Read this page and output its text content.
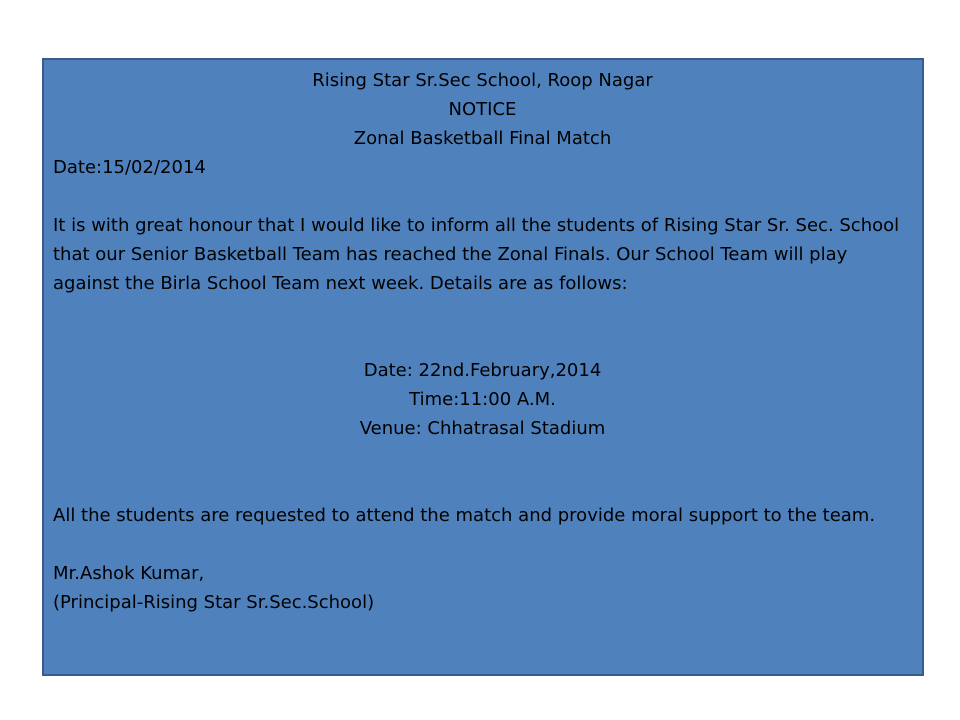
Rising Star Sr.Sec School, Roop Nagar
NOTICE
Zonal Basketball Final Match
Date:15/02/2014
It is with great honour that I would like to inform all the students of Rising Star Sr. Sec. School that our Senior Basketball Team has reached the Zonal Finals. Our School Team will play against the Birla School Team next week. Details are as follows:
Date: 22nd.February,2014
Time:11:00 A.M.
Venue: Chhatrasal Stadium
All the students are requested to attend the match and provide moral support to the team.
Mr.Ashok Kumar,
(Principal-Rising Star Sr.Sec.School)
